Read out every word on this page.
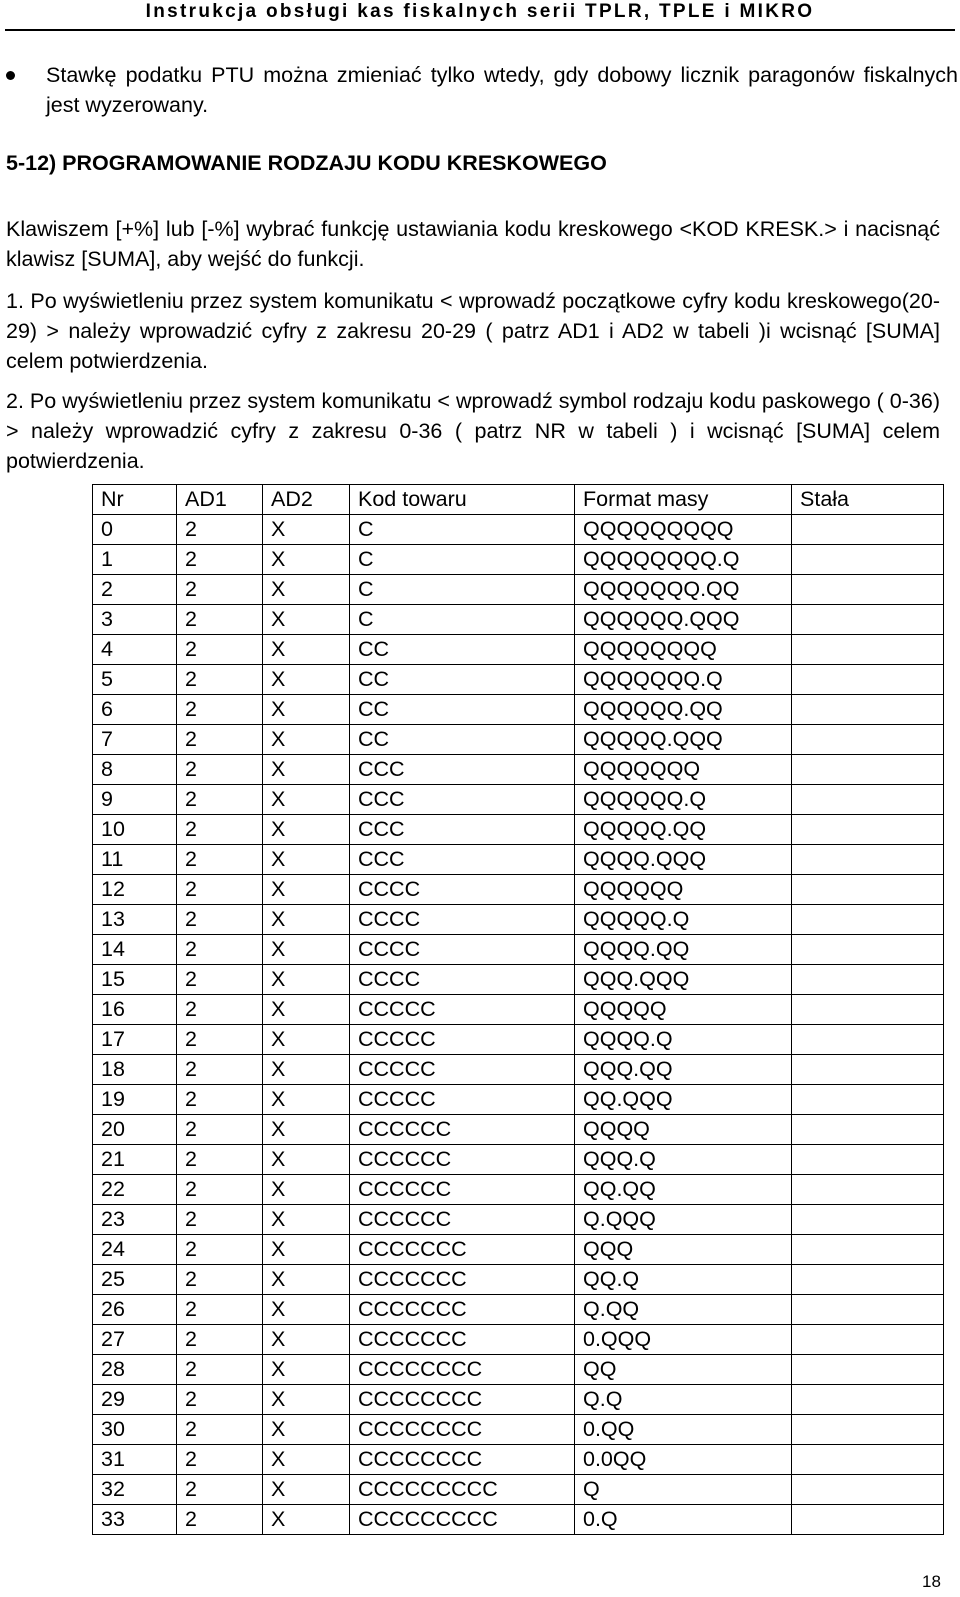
Instrukcja obsługi kas fiskalnych serii TPLR, TPLE i MIKRO
Stawkę podatku PTU można zmieniać tylko wtedy, gdy dobowy licznik paragonów fiskalnych jest wyzerowany.
5-12) PROGRAMOWANIE RODZAJU KODU KRESKOWEGO
Klawiszem [+%] lub [-%] wybrać funkcję ustawiania kodu kreskowego <KOD KRESK.> i nacisnąć klawisz [SUMA], aby wejść do funkcji.
1. Po wyświetleniu przez system komunikatu < wprowadź początkowe cyfry kodu kreskowego(20-29) > należy wprowadzić cyfry z zakresu 20-29 ( patrz AD1 i AD2 w tabeli )i wcisnąć [SUMA] celem potwierdzenia.
2. Po wyświetleniu przez system komunikatu < wprowadź symbol rodzaju kodu paskowego ( 0-36) > należy wprowadzić cyfry z zakresu 0-36 ( patrz NR w tabeli ) i wcisnąć [SUMA] celem potwierdzenia.
Nr	AD1	AD2	Kod towaru	Format masy	Stała
0	2	X	C	QQQQQQQQQ	
1	2	X	C	QQQQQQQQ.Q	
2	2	X	C	QQQQQQQ.QQ	
3	2	X	C	QQQQQQ.QQQ	
4	2	X	CC	QQQQQQQQ	
5	2	X	CC	QQQQQQQ.Q	
6	2	X	CC	QQQQQQ.QQ	
7	2	X	CC	QQQQQ.QQQ	
8	2	X	CCC	QQQQQQQ	
9	2	X	CCC	QQQQQQ.Q	
10	2	X	CCC	QQQQQ.QQ	
11	2	X	CCC	QQQQ.QQQ	
12	2	X	CCCC	QQQQQQ	
13	2	X	CCCC	QQQQQ.Q	
14	2	X	CCCC	QQQQ.QQ	
15	2	X	CCCC	QQQ.QQQ	
16	2	X	CCCCC	QQQQQ	
17	2	X	CCCCC	QQQQ.Q	
18	2	X	CCCCC	QQQ.QQ	
19	2	X	CCCCC	QQ.QQQ	
20	2	X	CCCCCC	QQQQ	
21	2	X	CCCCCC	QQQ.Q	
22	2	X	CCCCCC	QQ.QQ	
23	2	X	CCCCCC	Q.QQQ	
24	2	X	CCCCCCC	QQQ	
25	2	X	CCCCCCC	QQ.Q	
26	2	X	CCCCCCC	Q.QQ	
27	2	X	CCCCCCC	0.QQQ	
28	2	X	CCCCCCCC	QQ	
29	2	X	CCCCCCCC	Q.Q	
30	2	X	CCCCCCCC	0.QQ	
31	2	X	CCCCCCCC	0.0QQ	
32	2	X	CCCCCCCCC	Q	
33	2	X	CCCCCCCCC	0.Q	
18
